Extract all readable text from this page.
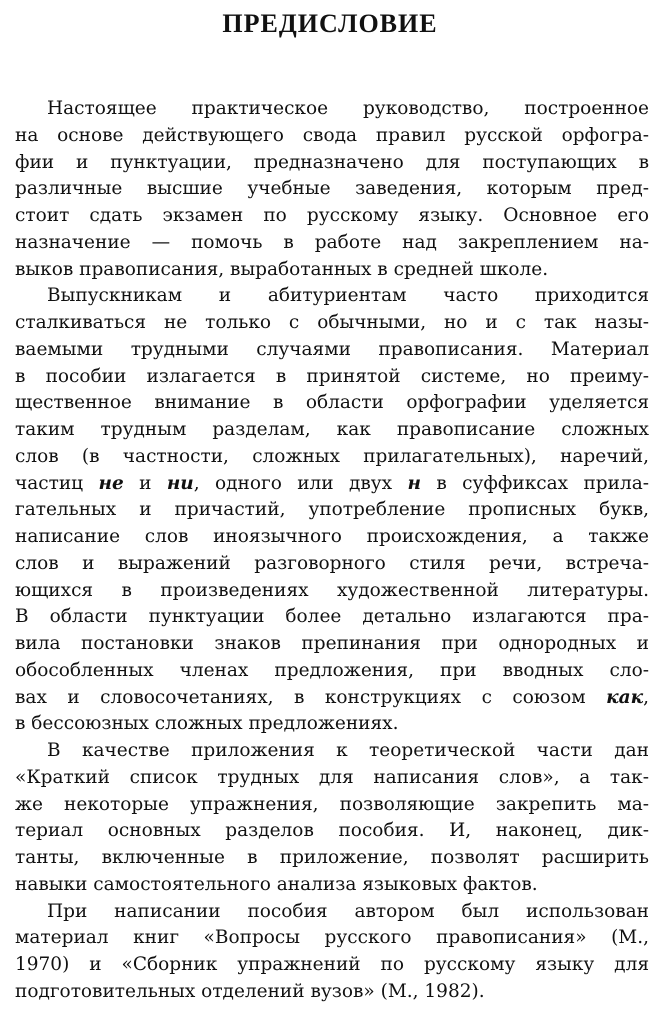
ПРЕДИСЛОВИЕ
Настоящее практическое руководство, построенное
на основе действующего свода правил русской орфогра-
фии и пунктуации, предназначено для поступающих в
различные высшие учебные заведения, которым пред-
стоит сдать экзамен по русскому языку. Основное его
назначение — помочь в работе над закреплением на-
выков правописания, выработанных в средней школе.
Выпускникам и абитуриентам часто приходится
сталкиваться не только с обычными, но и с так назы-
ваемыми трудными случаями правописания. Материал
в пособии излагается в принятой системе, но преиму-
щественное внимание в области орфографии уделяется
таким трудным разделам, как правописание сложных
слов (в частности, сложных прилагательных), наречий,
частиц не и ни, одного или двух н в суффиксах прила-
гательных и причастий, употребление прописных букв,
написание слов иноязычного происхождения, а также
слов и выражений разговорного стиля речи, встреча-
ющихся в произведениях художественной литературы.
В области пунктуации более детально излагаются пра-
вила постановки знаков препинания при однородных и
обособленных членах предложения, при вводных сло-
вах и словосочетаниях, в конструкциях с союзом как,
в бессоюзных сложных предложениях.
В качестве приложения к теоретической части дан
«Краткий список трудных для написания слов», а так-
же некоторые упражнения, позволяющие закрепить ма-
териал основных разделов пособия. И, наконец, дик-
танты, включенные в приложение, позволят расширить
навыки самостоятельного анализа языковых фактов.
При написании пособия автором был использован
материал книг «Вопросы русского правописания» (М.,
1970) и «Сборник упражнений по русскому языку для
подготовительных отделений вузов» (М., 1982).
